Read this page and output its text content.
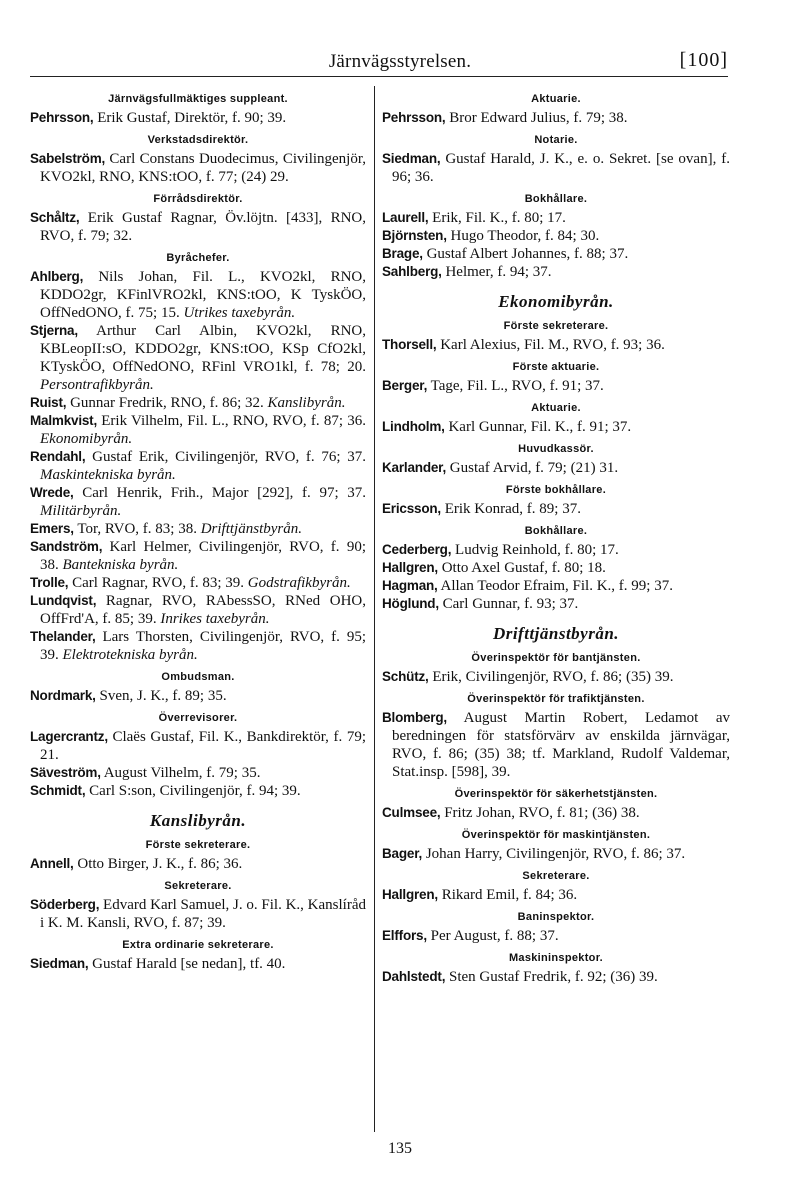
Järnvägsstyrelsen.	[100]
Järnvägsfullmäktiges suppleant.
Pehrsson, Erik Gustaf, Direktör, f. 90; 39.
Verkstadsdirektör.
Sabelström, Carl Constans Duodecimus, Civilingenjör, KVO2kl, RNO, KNS:tOO, f. 77; (24) 29.
Förrådsdirektör.
Schåltz, Erik Gustaf Ragnar, Öv.löjtn. [433], RNO, RVO, f. 79; 32.
Byråchefer.
Ahlberg, Nils Johan, Fil. L., KVO2kl, RNO, KDDO2gr, KFinlVRO2kl, KNS:tOO, K TyskÖO, OffNedONO, f. 75; 15. Utrikes taxebyrån.
Stjerna, Arthur Carl Albin, KVO2kl, RNO, KBLeopII:sO, KDDO2gr, KNS:tOO, KSp CfO2kl, KTyskÖO, OffNedONO, RFinl VRO1kl, f. 78; 20. Persontrafikbyrån.
Ruist, Gunnar Fredrik, RNO, f. 86; 32. Kanslibyrån.
Malmkvist, Erik Vilhelm, Fil. L., RNO, RVO, f. 87; 36. Ekonomibyrån.
Rendahl, Gustaf Erik, Civilingenjör, RVO, f. 76; 37. Maskintekniska byrån.
Wrede, Carl Henrik, Frih., Major [292], f. 97; 37. Militärbyrån.
Emers, Tor, RVO, f. 83; 38. Drifttjänstbyrån.
Sandström, Karl Helmer, Civilingenjör, RVO, f. 90; 38. Bantekniska byrån.
Trolle, Carl Ragnar, RVO, f. 83; 39. Godstrafikbyrån.
Lundqvist, Ragnar, RVO, RAbessSO, RNed OHO, OffFrd'A, f. 85; 39. Inrikes taxebyrån.
Thelander, Lars Thorsten, Civilingenjör, RVO, f. 95; 39. Elektrotekniska byrån.
Ombudsman.
Nordmark, Sven, J. K., f. 89; 35.
Överrevisorer.
Lagercrantz, Claës Gustaf, Fil. K., Bankdirektör, f. 79; 21.
Säveström, August Vilhelm, f. 79; 35.
Schmidt, Carl S:son, Civilingenjör, f. 94; 39.
Kanslibyrån.
Förste sekreterare.
Annell, Otto Birger, J. K., f. 86; 36.
Sekreterare.
Söderberg, Edvard Karl Samuel, J. o. Fil. K., Kanslíråd i K. M. Kansli, RVO, f. 87; 39.
Extra ordinarie sekreterare.
Siedman, Gustaf Harald [se nedan], tf. 40.
Aktuarie.
Pehrsson, Bror Edward Julius, f. 79; 38.
Notarie.
Siedman, Gustaf Harald, J. K., e. o. Sekret. [se ovan], f. 96; 36.
Bokhållare.
Laurell, Erik, Fil. K., f. 80; 17.
Björnsten, Hugo Theodor, f. 84; 30.
Brage, Gustaf Albert Johannes, f. 88; 37.
Sahlberg, Helmer, f. 94; 37.
Ekonomibyrån.
Förste sekreterare.
Thorsell, Karl Alexius, Fil. M., RVO, f. 93; 36.
Förste aktuarie.
Berger, Tage, Fil. L., RVO, f. 91; 37.
Aktuarie.
Lindholm, Karl Gunnar, Fil. K., f. 91; 37.
Huvudkassör.
Karlander, Gustaf Arvid, f. 79; (21) 31.
Förste bokhållare.
Ericsson, Erik Konrad, f. 89; 37.
Bokhållare.
Cederberg, Ludvig Reinhold, f. 80; 17.
Hallgren, Otto Axel Gustaf, f. 80; 18.
Hagman, Allan Teodor Efraim, Fil. K., f. 99; 37.
Höglund, Carl Gunnar, f. 93; 37.
Drifttjänstbyrån.
Överinspektör för bantjänsten.
Schütz, Erik, Civilingenjör, RVO, f. 86; (35) 39.
Överinspektör för trafiktjänsten.
Blomberg, August Martin Robert, Ledamot av beredningen för statsförvärv av enskilda järnvägar, RVO, f. 86; (35) 38; tf. Markland, Rudolf Valdemar, Stat.insp. [598], 39.
Överinspektör för säkerhetstjänsten.
Culmsee, Fritz Johan, RVO, f. 81; (36) 38.
Överinspektör för maskintjänsten.
Bager, Johan Harry, Civilingenjör, RVO, f. 86; 37.
Sekreterare.
Hallgren, Rikard Emil, f. 84; 36.
Baninspektor.
Elffors, Per August, f. 88; 37.
Maskininspektor.
Dahlstedt, Sten Gustaf Fredrik, f. 92; (36) 39.
135
